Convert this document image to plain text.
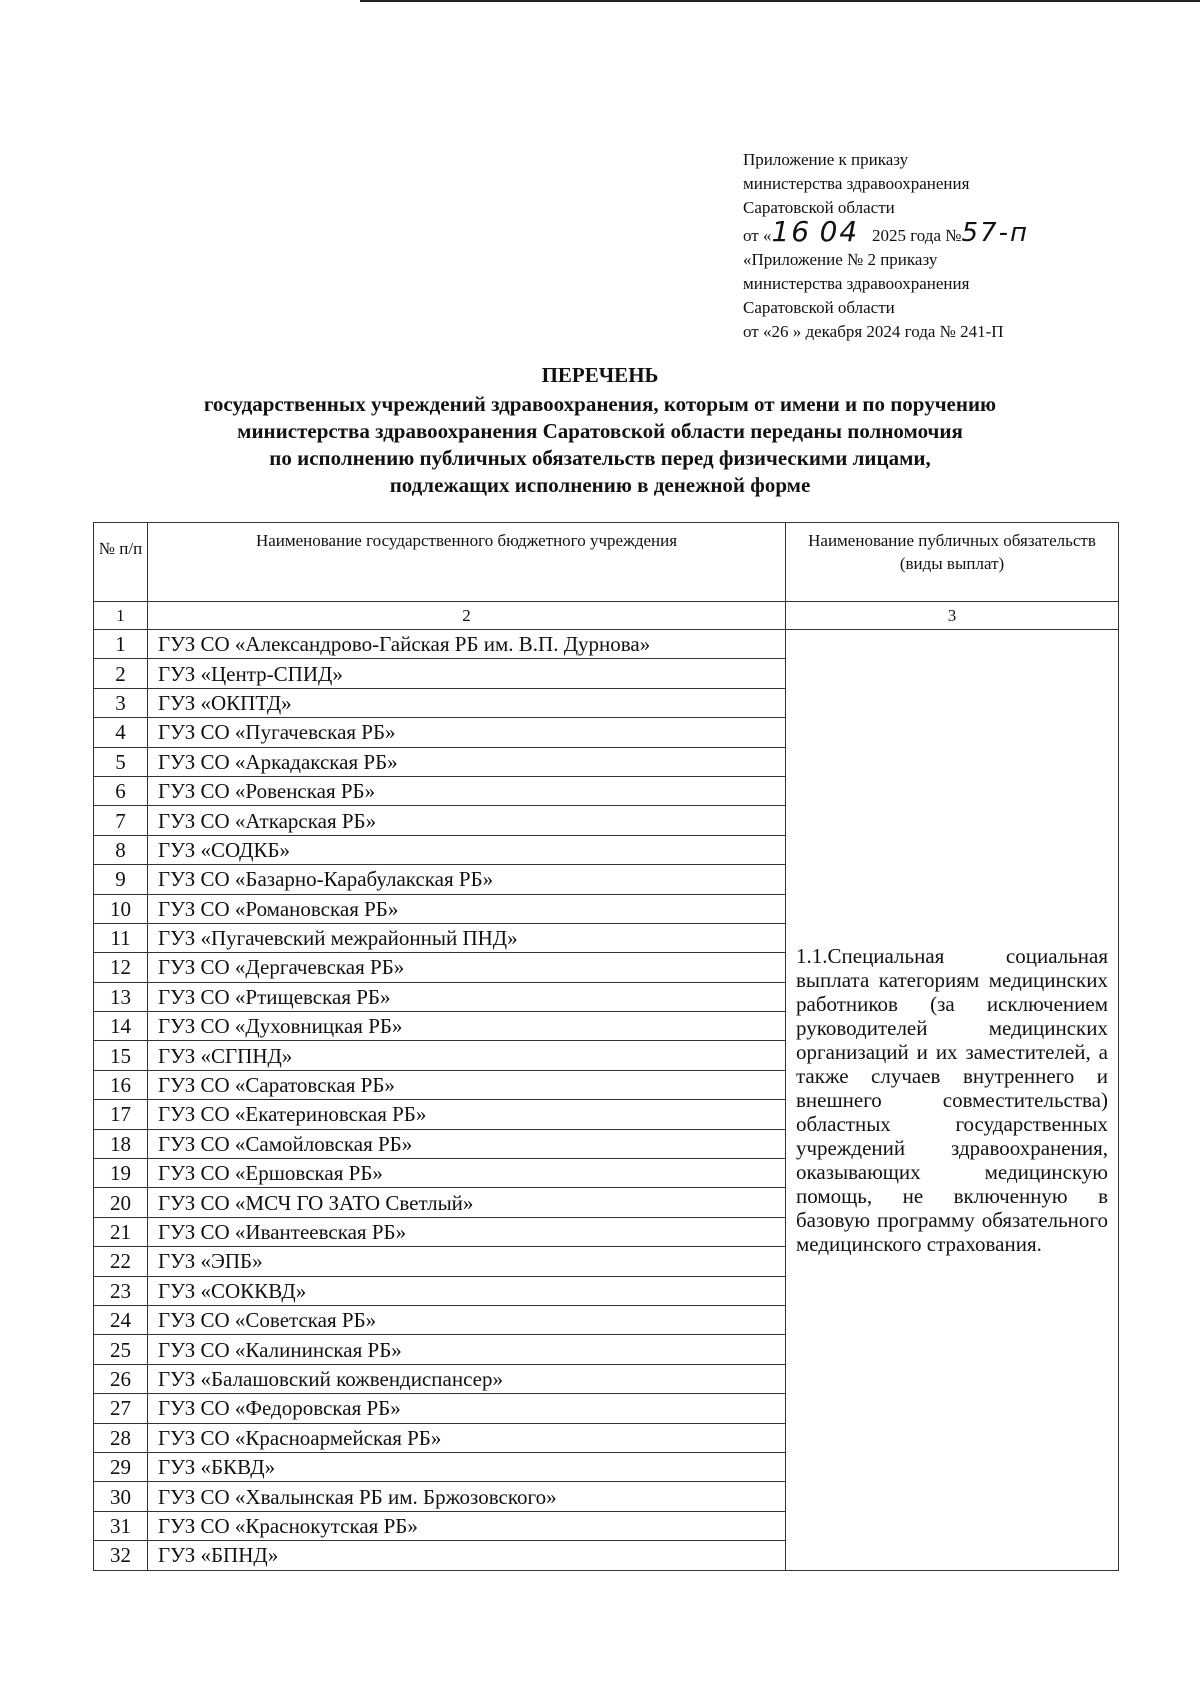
Приложение к приказу
министерства здравоохранения
Саратовской области
от «16 04 2025 года №57-п
«Приложение № 2 приказу
министерства здравоохранения
Саратовской области
от «26 » декабря 2024 года № 241-П
ПЕРЕЧЕНЬ
государственных учреждений здравоохранения, которым от имени и по поручению
министерства здравоохранения Саратовской области переданы полномочия
по исполнению публичных обязательств перед физическими лицами,
подлежащих исполнению в денежной форме
№ п/п	Наименование государственного бюджетного учреждения	Наименование публичных обязательств (виды выплат)
1	2	3
1	ГУЗ СО «Александрово-Гайская РБ им. В.П. Дурнова»	1.1.Специальная социальная выплата категориям медицинских работников (за исключением руководителей медицинских организаций и их заместителей, а также случаев внутреннего и внешнего совместительства) областных государственных учреждений здравоохранения, оказывающих медицинскую помощь, не включенную в базовую программу обязательного медицинского страхования.
2	ГУЗ «Центр-СПИД»	
3	ГУЗ «ОКПТД»	
4	ГУЗ СО «Пугачевская РБ»	
5	ГУЗ СО «Аркадакская РБ»	
6	ГУЗ СО «Ровенская РБ»	
7	ГУЗ СО «Аткарская РБ»	
8	ГУЗ «СОДКБ»	
9	ГУЗ СО «Базарно-Карабулакская РБ»	
10	ГУЗ СО «Романовская РБ»	
11	ГУЗ «Пугачевский межрайонный ПНД»	
12	ГУЗ СО «Дергачевская РБ»	
13	ГУЗ СО «Ртищевская РБ»	
14	ГУЗ СО «Духовницкая РБ»	
15	ГУЗ «СГПНД»	
16	ГУЗ СО «Саратовская РБ»	
17	ГУЗ СО «Екатериновская РБ»	
18	ГУЗ СО «Самойловская РБ»	
19	ГУЗ СО «Ершовская РБ»	
20	ГУЗ СО «МСЧ ГО ЗАТО Светлый»	
21	ГУЗ СО «Ивантеевская РБ»	
22	ГУЗ «ЭПБ»	
23	ГУЗ «СОККВД»	
24	ГУЗ СО «Советская РБ»	
25	ГУЗ СО «Калининская РБ»	
26	ГУЗ «Балашовский кожвендиспансер»	
27	ГУЗ СО «Федоровская РБ»	
28	ГУЗ СО «Красноармейская РБ»	
29	ГУЗ «БКВД»	
30	ГУЗ СО «Хвалынская РБ им. Бржозовского»	
31	ГУЗ СО «Краснокутская РБ»	
32	ГУЗ «БПНД»	
